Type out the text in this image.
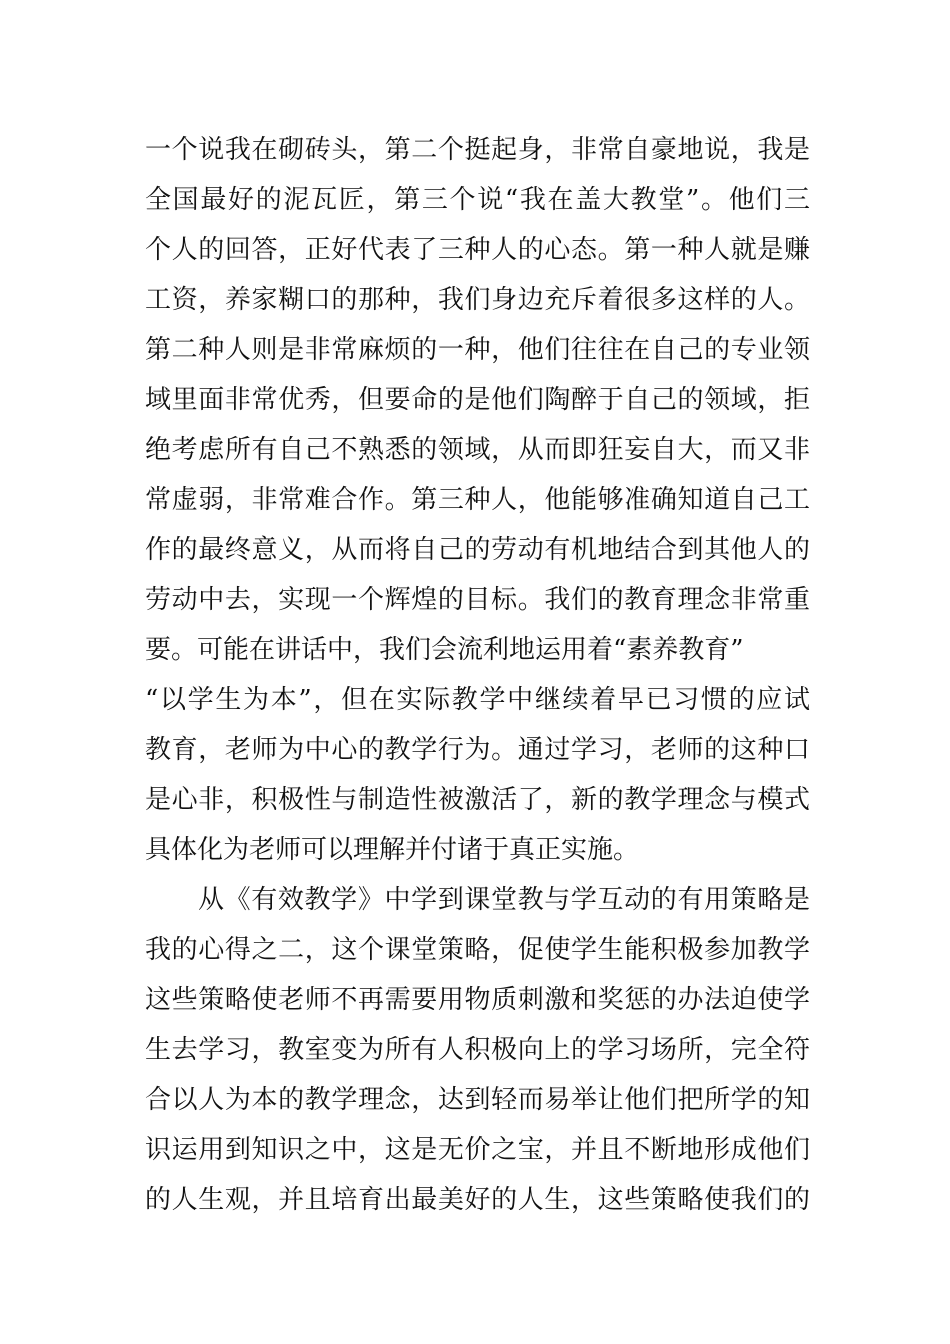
一个说我在砌砖头，第二个挺起身，非常自豪地说，我是
全国最好的泥瓦匠，第三个说“我在盖大教堂”。他们三
个人的回答，正好代表了三种人的心态。第一种人就是赚
工资，养家糊口的那种，我们身边充斥着很多这样的人。
第二种人则是非常麻烦的一种，他们往往在自己的专业领
域里面非常优秀，但要命的是他们陶醉于自己的领域，拒
绝考虑所有自己不熟悉的领域，从而即狂妄自大，而又非
常虚弱，非常难合作。第三种人，他能够准确知道自己工
作的最终意义，从而将自己的劳动有机地结合到其他人的
劳动中去，实现一个辉煌的目标。我们的教育理念非常重
要。可能在讲话中，我们会流利地运用着“素养教育”
“以学生为本”，但在实际教学中继续着早已习惯的应试
教育，老师为中心的教学行为。通过学习，老师的这种口
是心非，积极性与制造性被激活了，新的教学理念与模式
具体化为老师可以理解并付诸于真正实施。
从《有效教学》中学到课堂教与学互动的有用策略是
我的心得之二，这个课堂策略，促使学生能积极参加教学
这些策略使老师不再需要用物质刺激和奖惩的办法迫使学
生去学习，教室变为所有人积极向上的学习场所，完全符
合以人为本的教学理念，达到轻而易举让他们把所学的知
识运用到知识之中，这是无价之宝，并且不断地形成他们
的人生观，并且培育出最美好的人生，这些策略使我们的
